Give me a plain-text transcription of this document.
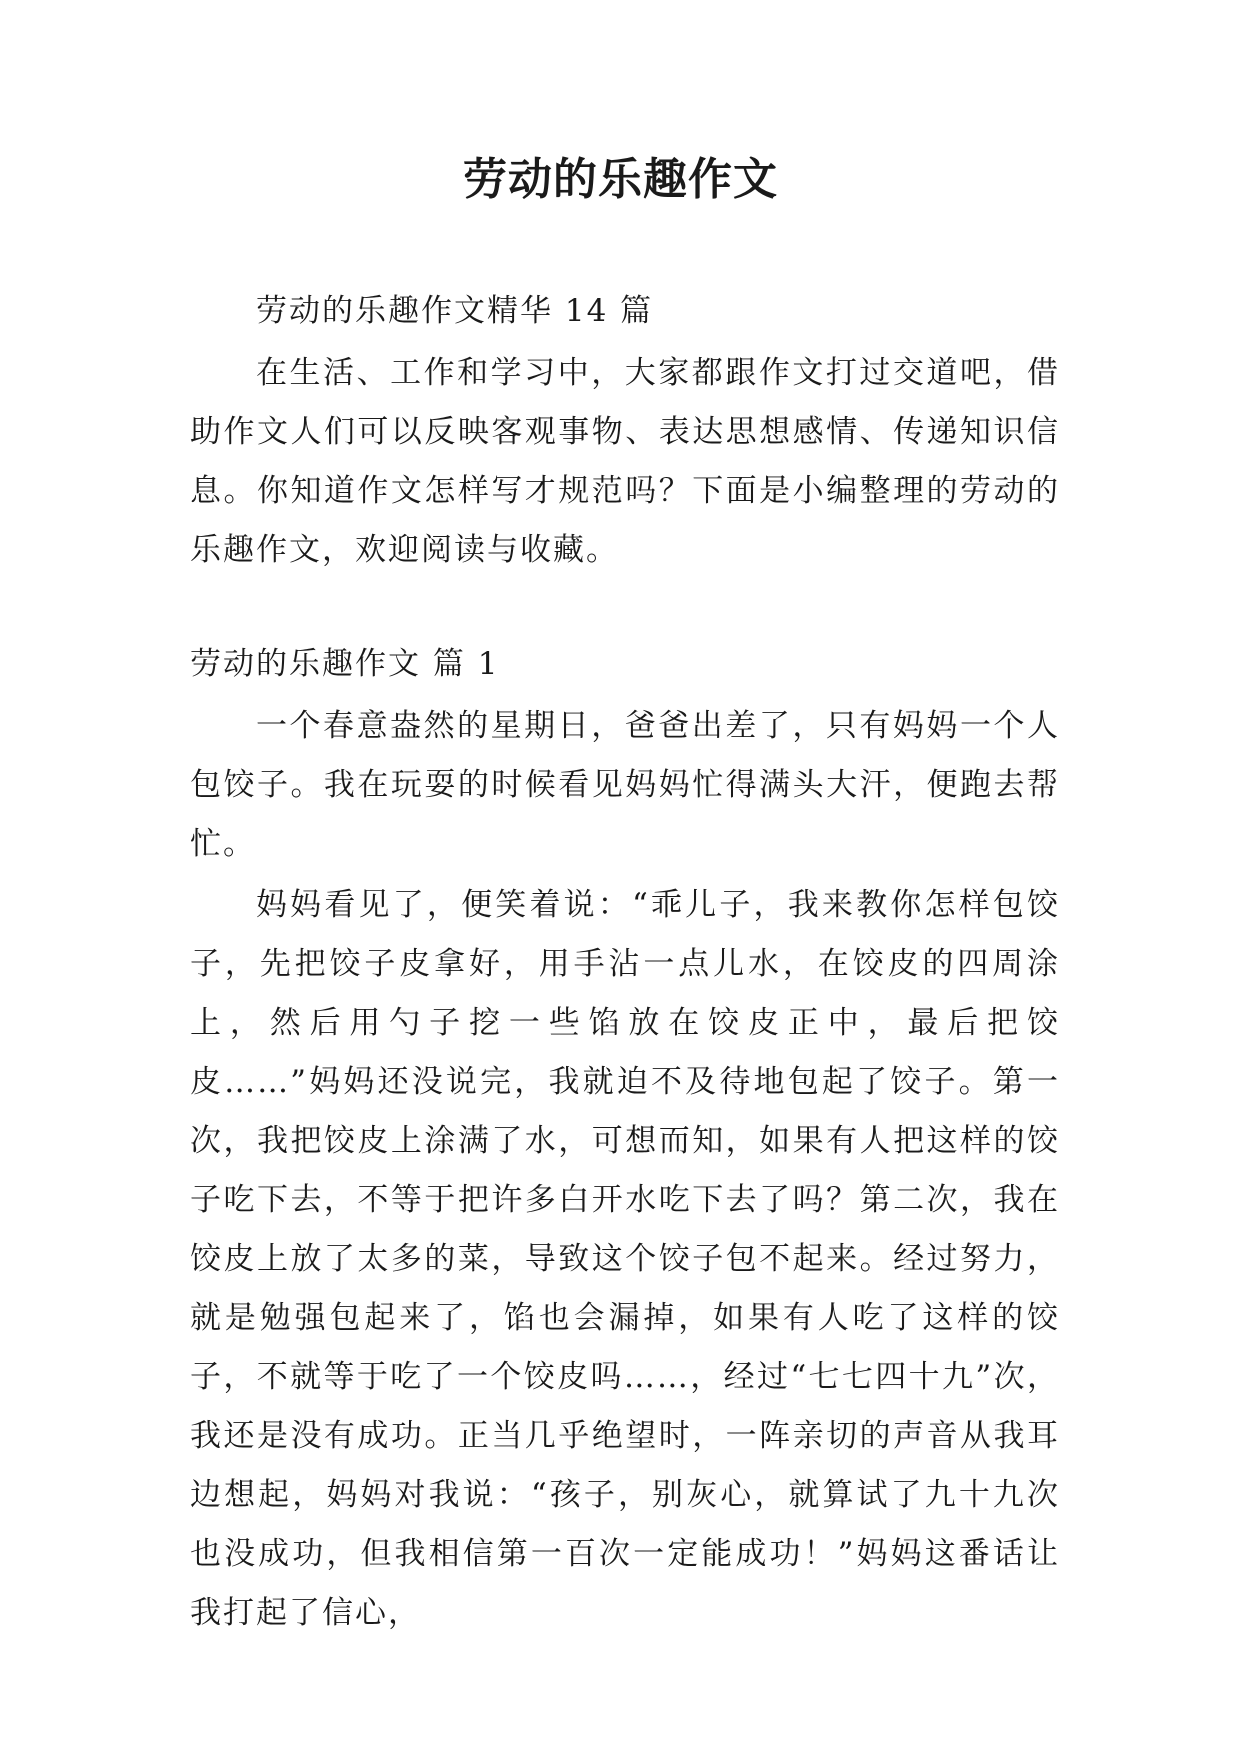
劳动的乐趣作文

劳动的乐趣作文精华 14 篇

在生活、工作和学习中，大家都跟作文打过交道吧，借助作文人们可以反映客观事物、表达思想感情、传递知识信息。你知道作文怎样写才规范吗？下面是小编整理的劳动的乐趣作文，欢迎阅读与收藏。

劳动的乐趣作文 篇 1

一个春意盎然的星期日，爸爸出差了，只有妈妈一个人包饺子。我在玩耍的时候看见妈妈忙得满头大汗，便跑去帮忙。

妈妈看见了，便笑着说：“乖儿子，我来教你怎样包饺子，先把饺子皮拿好，用手沾一点儿水，在饺皮的四周涂上，然后用勺子挖一些馅放在饺皮正中，最后把饺皮……”妈妈还没说完，我就迫不及待地包起了饺子。第一次，我把饺皮上涂满了水，可想而知，如果有人把这样的饺子吃下去，不等于把许多白开水吃下去了吗？第二次，我在饺皮上放了太多的菜，导致这个饺子包不起来。经过努力，就是勉强包起来了，馅也会漏掉，如果有人吃了这样的饺子，不就等于吃了一个饺皮吗……，经过“七七四十九”次，我还是没有成功。正当几乎绝望时，一阵亲切的声音从我耳边想起，妈妈对我说：“孩子，别灰心，就算试了九十九次也没成功，但我相信第一百次一定能成功！”妈妈这番话让我打起了信心，
